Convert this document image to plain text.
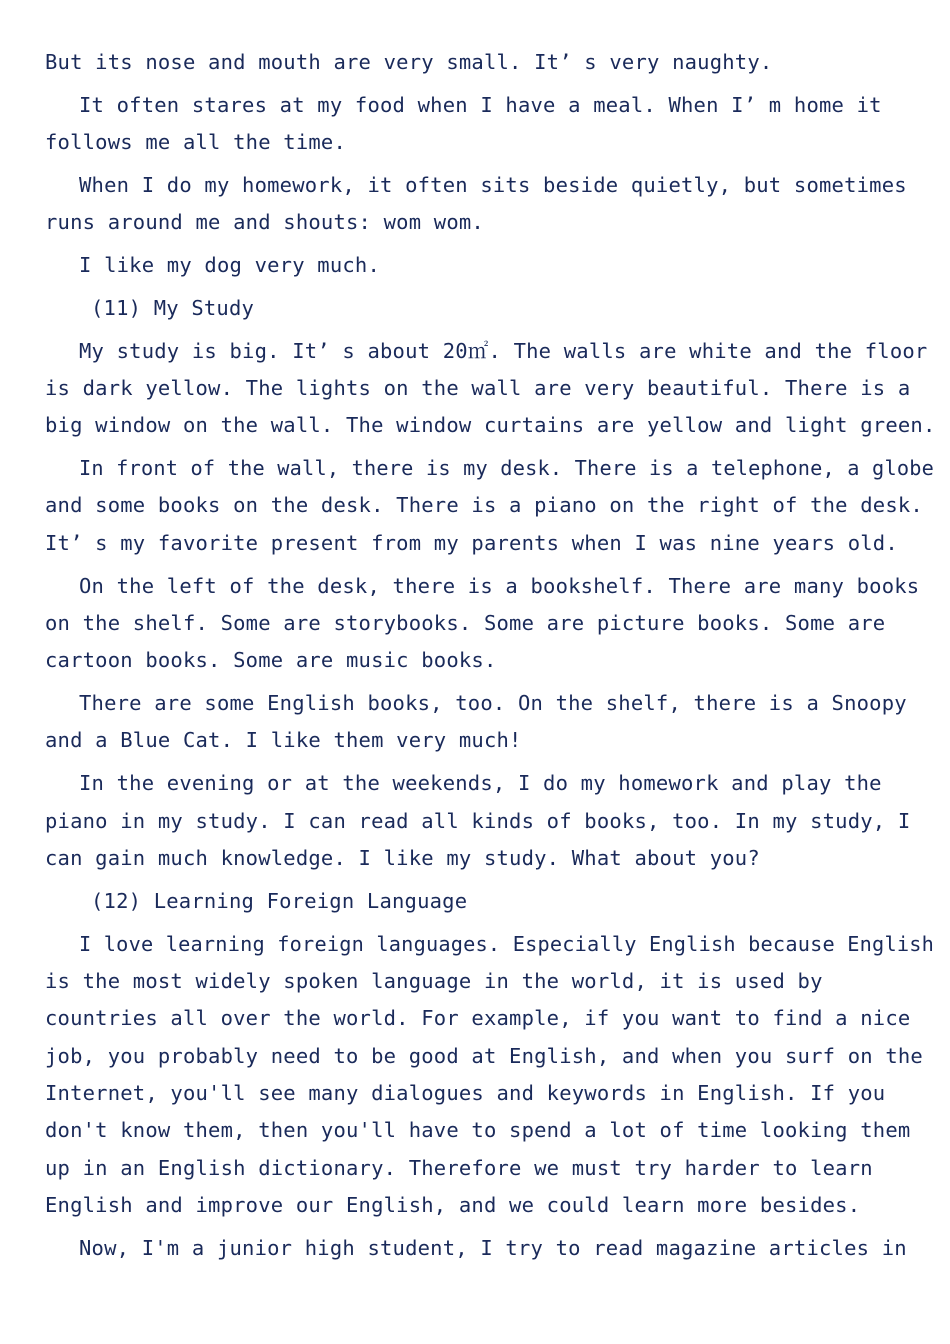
But its nose and mouth are very small. It’ s very naughty.
It often stares at my food when I have a meal. When I’ m home it
follows me all the time.
When I do my homework, it often sits beside quietly, but sometimes
runs around me and shouts: wom wom.
I like my dog very much.
(11) My Study
My study is big. It’ s about 20㎡. The walls are white and the floor
is dark yellow. The lights on the wall are very beautiful. There is a
big window on the wall. The window curtains are yellow and light green.
In front of the wall, there is my desk. There is a telephone, a globe
and some books on the desk. There is a piano on the right of the desk.
It’ s my favorite present from my parents when I was nine years old.
On the left of the desk, there is a bookshelf. There are many books
on the shelf. Some are storybooks. Some are picture books. Some are
cartoon books. Some are music books.
There are some English books, too. On the shelf, there is a Snoopy
and a Blue Cat. I like them very much!
In the evening or at the weekends, I do my homework and play the
piano in my study. I can read all kinds of books, too. In my study, I
can gain much knowledge. I like my study. What about you?
(12) Learning Foreign Language
I love learning foreign languages. Especially English because English
is the most widely spoken language in the world, it is used by
countries all over the world. For example, if you want to find a nice
job, you probably need to be good at English, and when you surf on the
Internet, you'll see many dialogues and keywords in English. If you
don't know them, then you'll have to spend a lot of time looking them
up in an English dictionary. Therefore we must try harder to learn
English and improve our English, and we could learn more besides.
Now, I'm a junior high student, I try to read magazine articles in
